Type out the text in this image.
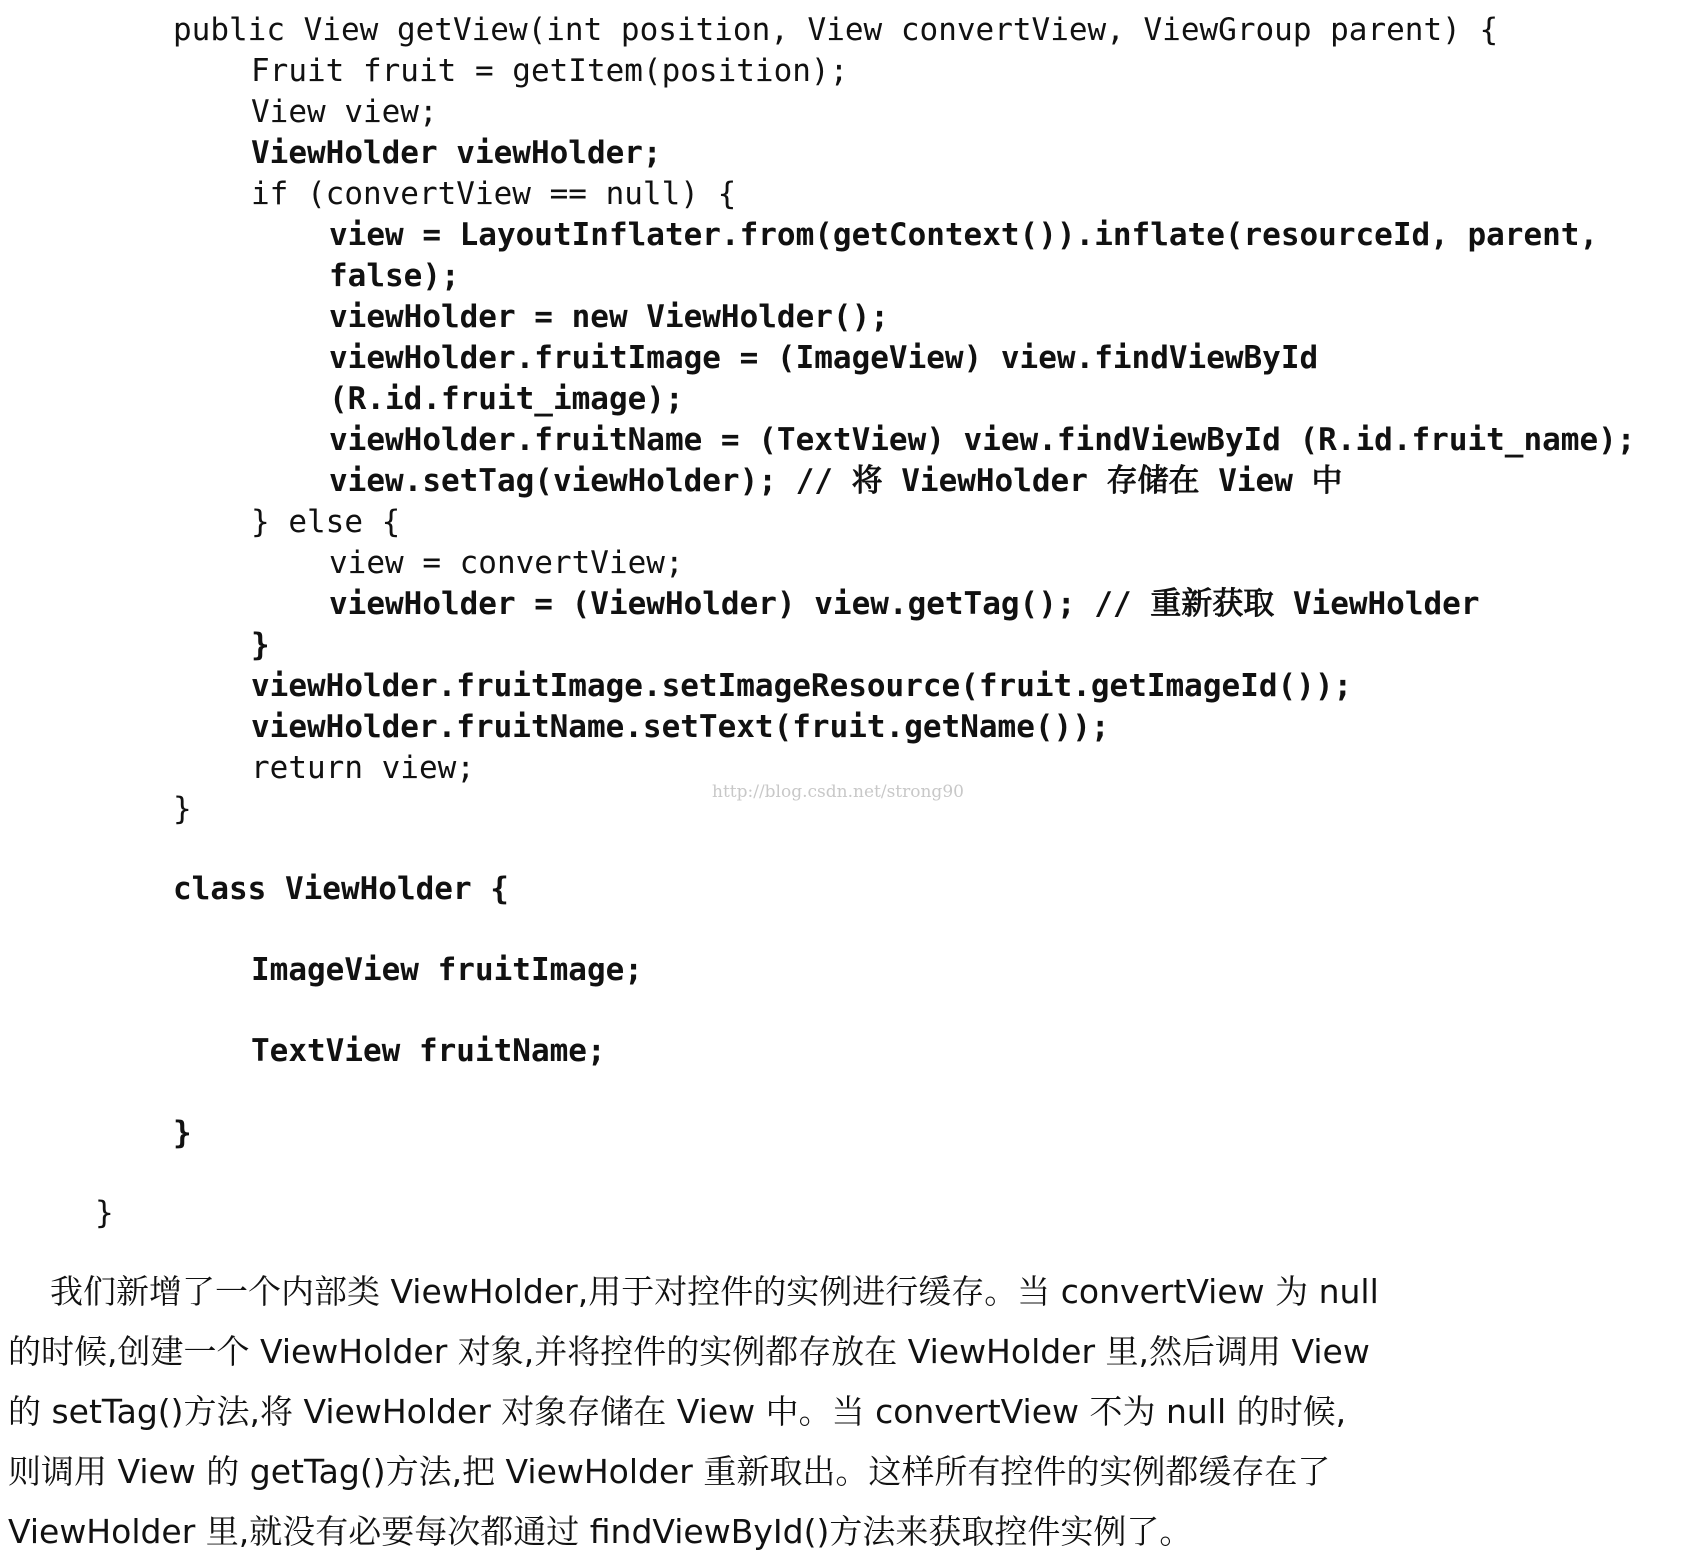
public View getView(int position, View convertView, ViewGroup parent) {
Fruit fruit = getItem(position);
View view;
ViewHolder viewHolder;
if (convertView == null) {
view = LayoutInflater.from(getContext()).inflate(resourceId, parent,
false);
viewHolder = new ViewHolder();
viewHolder.fruitImage = (ImageView) view.findViewById
(R.id.fruit_image);
viewHolder.fruitName = (TextView) view.findViewById (R.id.fruit_name);
view.setTag(viewHolder); // 将 ViewHolder 存储在 View 中
} else {
view = convertView;
viewHolder = (ViewHolder) view.getTag(); // 重新获取 ViewHolder
}
viewHolder.fruitImage.setImageResource(fruit.getImageId());
viewHolder.fruitName.setText(fruit.getName());
return view;
}
class ViewHolder {
ImageView fruitImage;
TextView fruitName;
}
}
http://blog.csdn.net/strong90
我们新增了一个内部类 ViewHolder,用于对控件的实例进行缓存。当 convertView 为 null
的时候,创建一个 ViewHolder 对象,并将控件的实例都存放在 ViewHolder 里,然后调用 View
的 setTag()方法,将 ViewHolder 对象存储在 View 中。当 convertView 不为 null 的时候,
则调用 View 的 getTag()方法,把 ViewHolder 重新取出。这样所有控件的实例都缓存在了
ViewHolder 里,就没有必要每次都通过 findViewById()方法来获取控件实例了。
